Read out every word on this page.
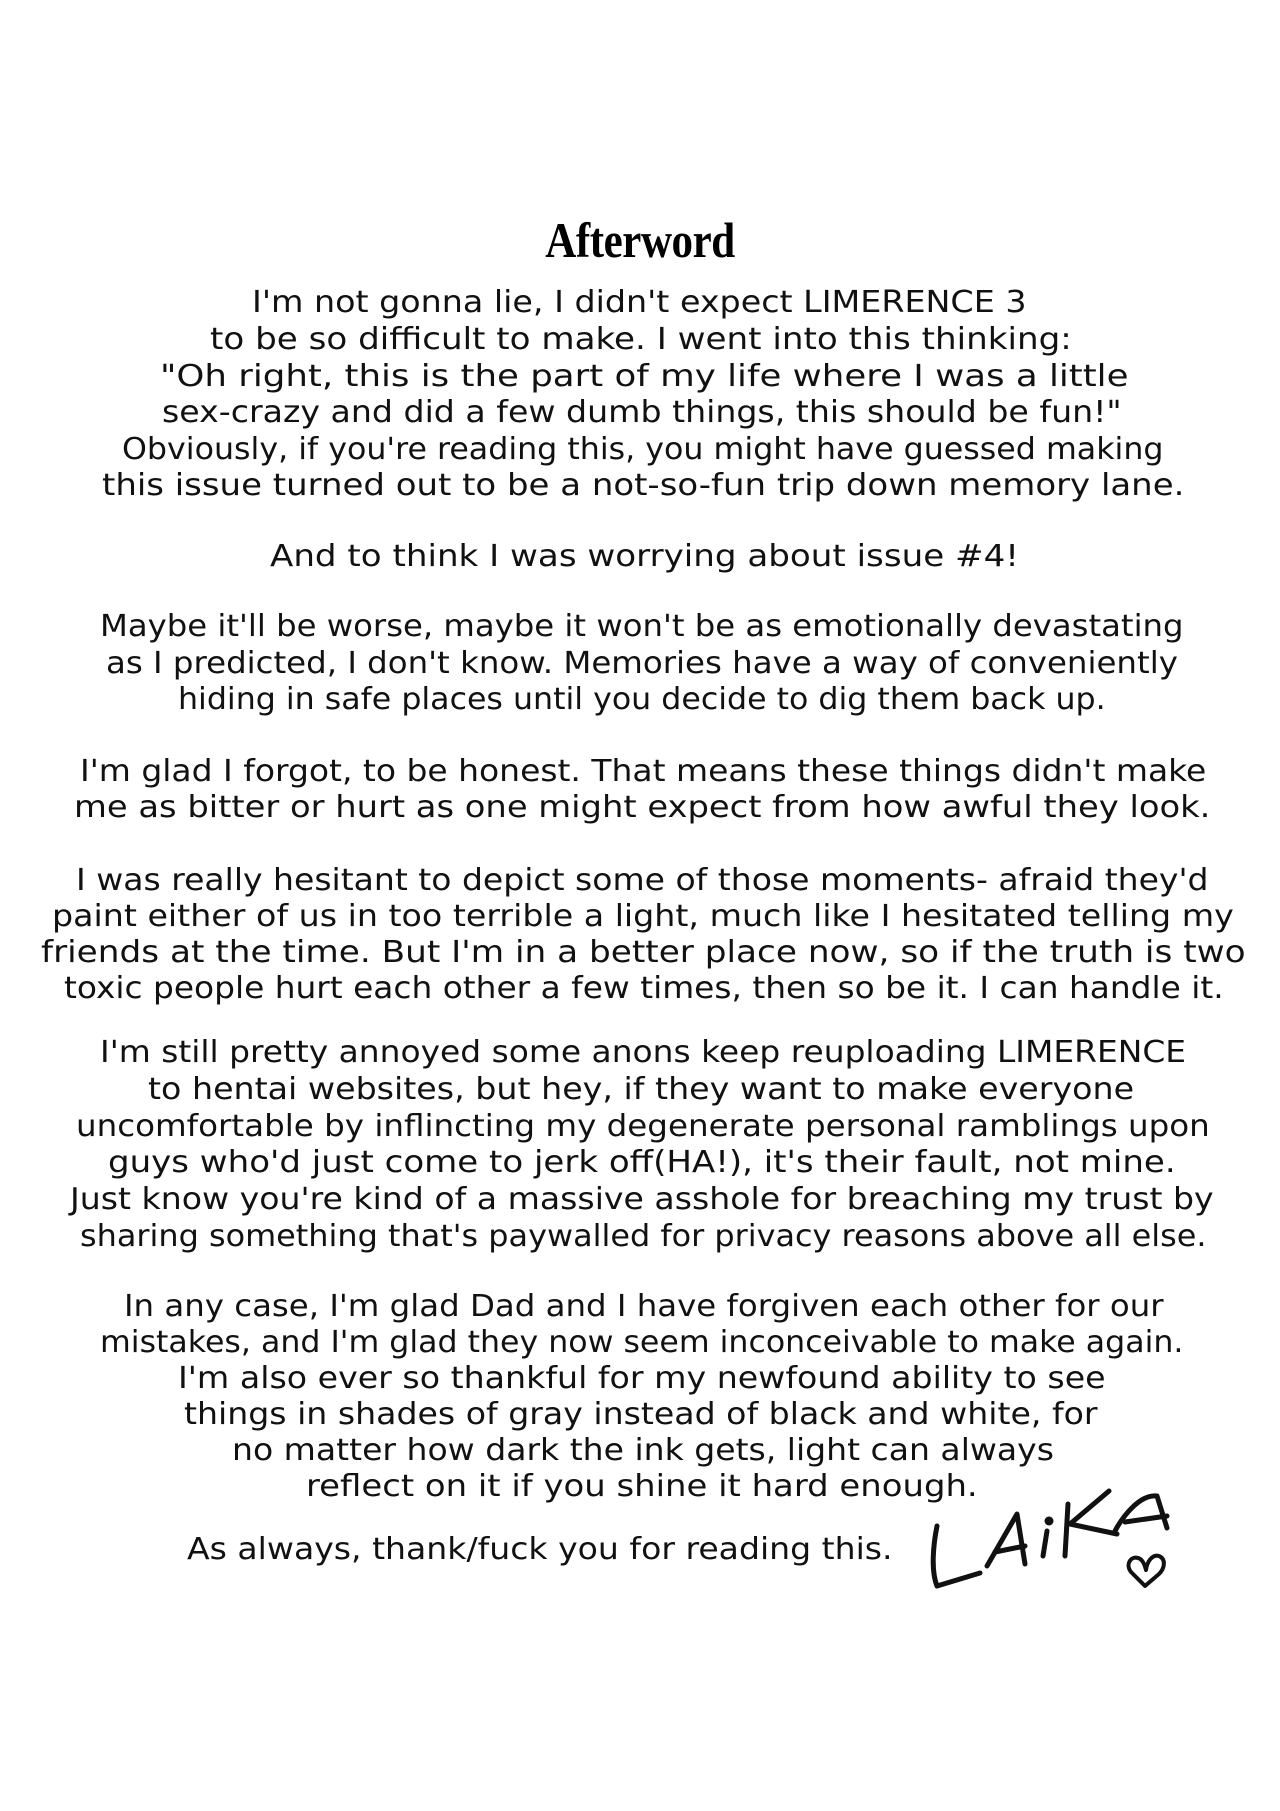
Afterword
I'm not gonna lie, I didn't expect LIMERENCE 3
to be so difficult to make. I went into this thinking:
"Oh right, this is the part of my life where I was a little
sex-crazy and did a few dumb things, this should be fun!"
Obviously, if you're reading this, you might have guessed making
this issue turned out to be a not-so-fun trip down memory lane.
And to think I was worrying about issue #4!
Maybe it'll be worse, maybe it won't be as emotionally devastating
as I predicted, I don't know. Memories have a way of conveniently
hiding in safe places until you decide to dig them back up.
I'm glad I forgot, to be honest. That means these things didn't make
me as bitter or hurt as one might expect from how awful they look.
I was really hesitant to depict some of those moments- afraid they'd
paint either of us in too terrible a light, much like I hesitated telling my
friends at the time. But I'm in a better place now, so if the truth is two
toxic people hurt each other a few times, then so be it. I can handle it.
I'm still pretty annoyed some anons keep reuploading LIMERENCE
to hentai websites, but hey, if they want to make everyone
uncomfortable by inflincting my degenerate personal ramblings upon
guys who'd just come to jerk off(HA!), it's their fault, not mine.
Just know you're kind of a massive asshole for breaching my trust by
sharing something that's paywalled for privacy reasons above all else.
In any case, I'm glad Dad and I have forgiven each other for our
mistakes, and I'm glad they now seem inconceivable to make again.
I'm also ever so thankful for my newfound ability to see
things in shades of gray instead of black and white, for
no matter how dark the ink gets, light can always
reflect on it if you shine it hard enough.
As always, thank/fuck you for reading this.
